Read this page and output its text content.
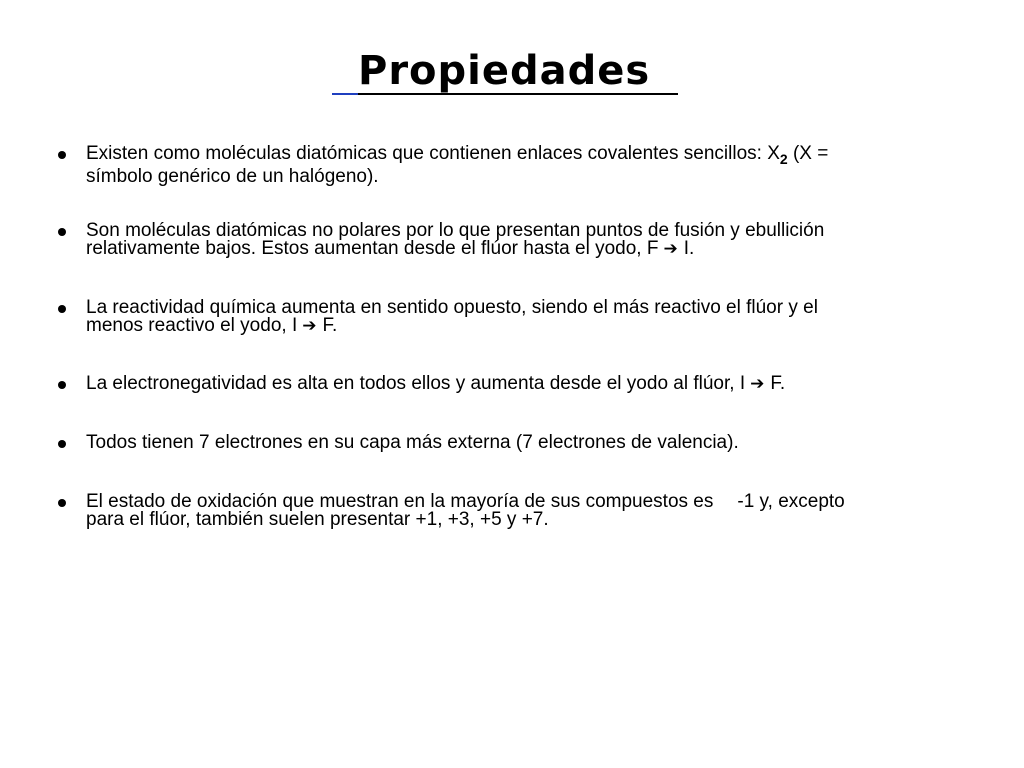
Propiedades
Existen como moléculas diatómicas que contienen enlaces covalentes sencillos: $X_2$ (X =
símbolo genérico de un halógeno).
Son moléculas diatómicas no polares por lo que presentan puntos de fusión y ebullición
relativamente bajos. Estos aumentan desde el flúor hasta el yodo, F ➔ I.
La reactividad química aumenta en sentido opuesto, siendo el más reactivo el flúor y el
menos reactivo el yodo, I ➔ F.
La electronegatividad es alta en todos ellos y aumenta desde el yodo al flúor, I ➔ F.
Todos tienen 7 electrones en su capa más externa (7 electrones de valencia).
El estado de oxidación que muestran en la mayoría de sus compuestos es -1 y, excepto
para el flúor, también suelen presentar +1, +3, +5 y +7.
